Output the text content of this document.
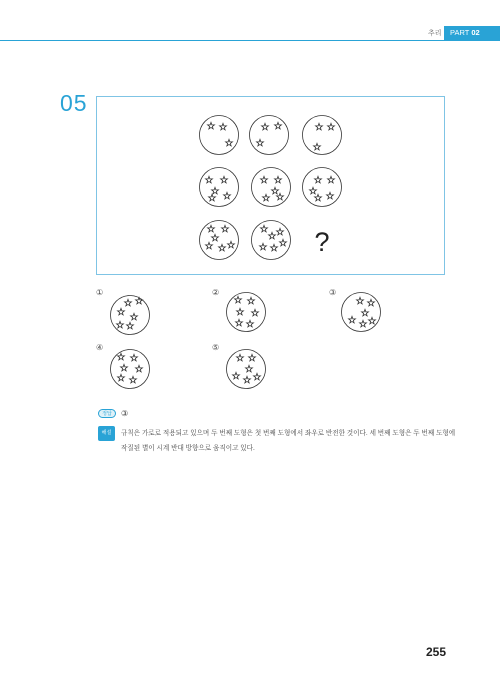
추리	PART 02
05
?
①	②	③
④	⑤
정답 ③
해설	규칙은 가로로 적용되고 있으며 두 번째 도형은 첫 번째 도형에서 좌우로 반전한 것이다. 세 번째 도형은 두 번째 도형에 작질된 별이 시계 반대 방향으로 움직이고 있다.
255
